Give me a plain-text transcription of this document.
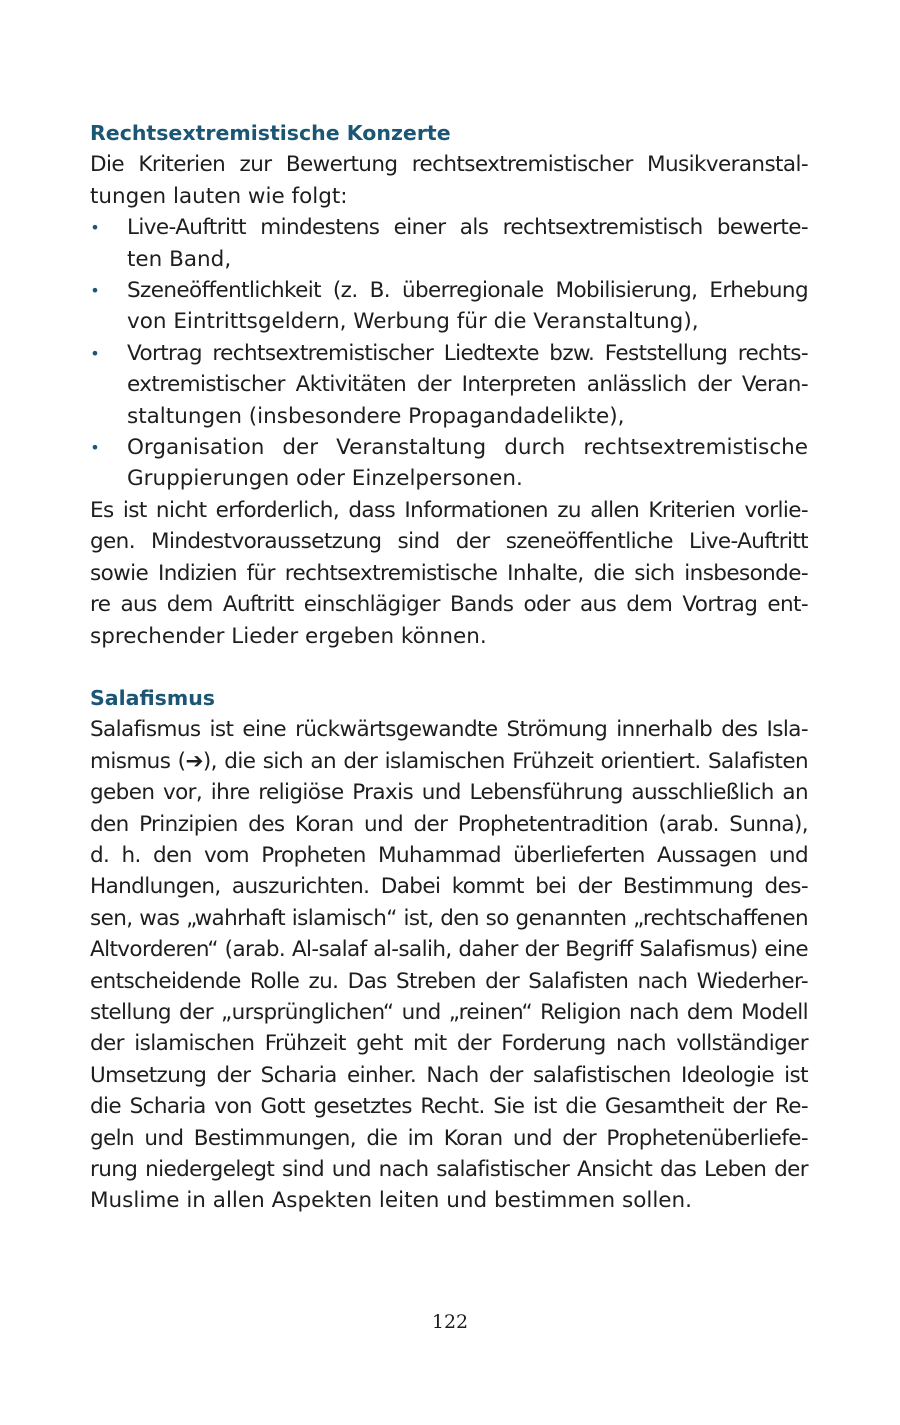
Rechtsextremistische Konzerte

Die Kriterien zur Bewertung rechtsextremistischer Musikveranstal-
tungen lauten wie folgt:

• Live-Auftritt mindestens einer als rechtsextremistisch bewerte-
ten Band,
• Szeneöffentlichkeit (z. B. überregionale Mobilisierung, Erhebung
von Eintrittsgeldern, Werbung für die Veranstaltung),
• Vortrag rechtsextremistischer Liedtexte bzw. Feststellung rechts-
extremistischer Aktivitäten der Interpreten anlässlich der Veran-
staltungen (insbesondere Propagandadelikte),
• Organisation der Veranstaltung durch rechtsextremistische
Gruppierungen oder Einzelpersonen.

Es ist nicht erforderlich, dass Informationen zu allen Kriterien vorlie-
gen. Mindestvoraussetzung sind der szeneöffentliche Live-Auftritt
sowie Indizien für rechtsextremistische Inhalte, die sich insbesonde-
re aus dem Auftritt einschlägiger Bands oder aus dem Vortrag ent-
sprechender Lieder ergeben können.

Salafismus

Salafismus ist eine rückwärtsgewandte Strömung innerhalb des Isla-
mismus (➔), die sich an der islamischen Frühzeit orientiert. Salafisten
geben vor, ihre religiöse Praxis und Lebensführung ausschließlich an
den Prinzipien des Koran und der Prophetentradition (arab. Sunna),
d. h. den vom Propheten Muhammad überlieferten Aussagen und
Handlungen, auszurichten. Dabei kommt bei der Bestimmung des-
sen, was „wahrhaft islamisch“ ist, den so genannten „rechtschaffenen
Altvorderen“ (arab. Al-salaf al-salih, daher der Begriff Salafismus) eine
entscheidende Rolle zu. Das Streben der Salafisten nach Wiederher-
stellung der „ursprünglichen“ und „reinen“ Religion nach dem Modell
der islamischen Frühzeit geht mit der Forderung nach vollständiger
Umsetzung der Scharia einher. Nach der salafistischen Ideologie ist
die Scharia von Gott gesetztes Recht. Sie ist die Gesamtheit der Re-
geln und Bestimmungen, die im Koran und der Prophetenüberliefe-
rung niedergelegt sind und nach salafistischer Ansicht das Leben der
Muslime in allen Aspekten leiten und bestimmen sollen.

122
